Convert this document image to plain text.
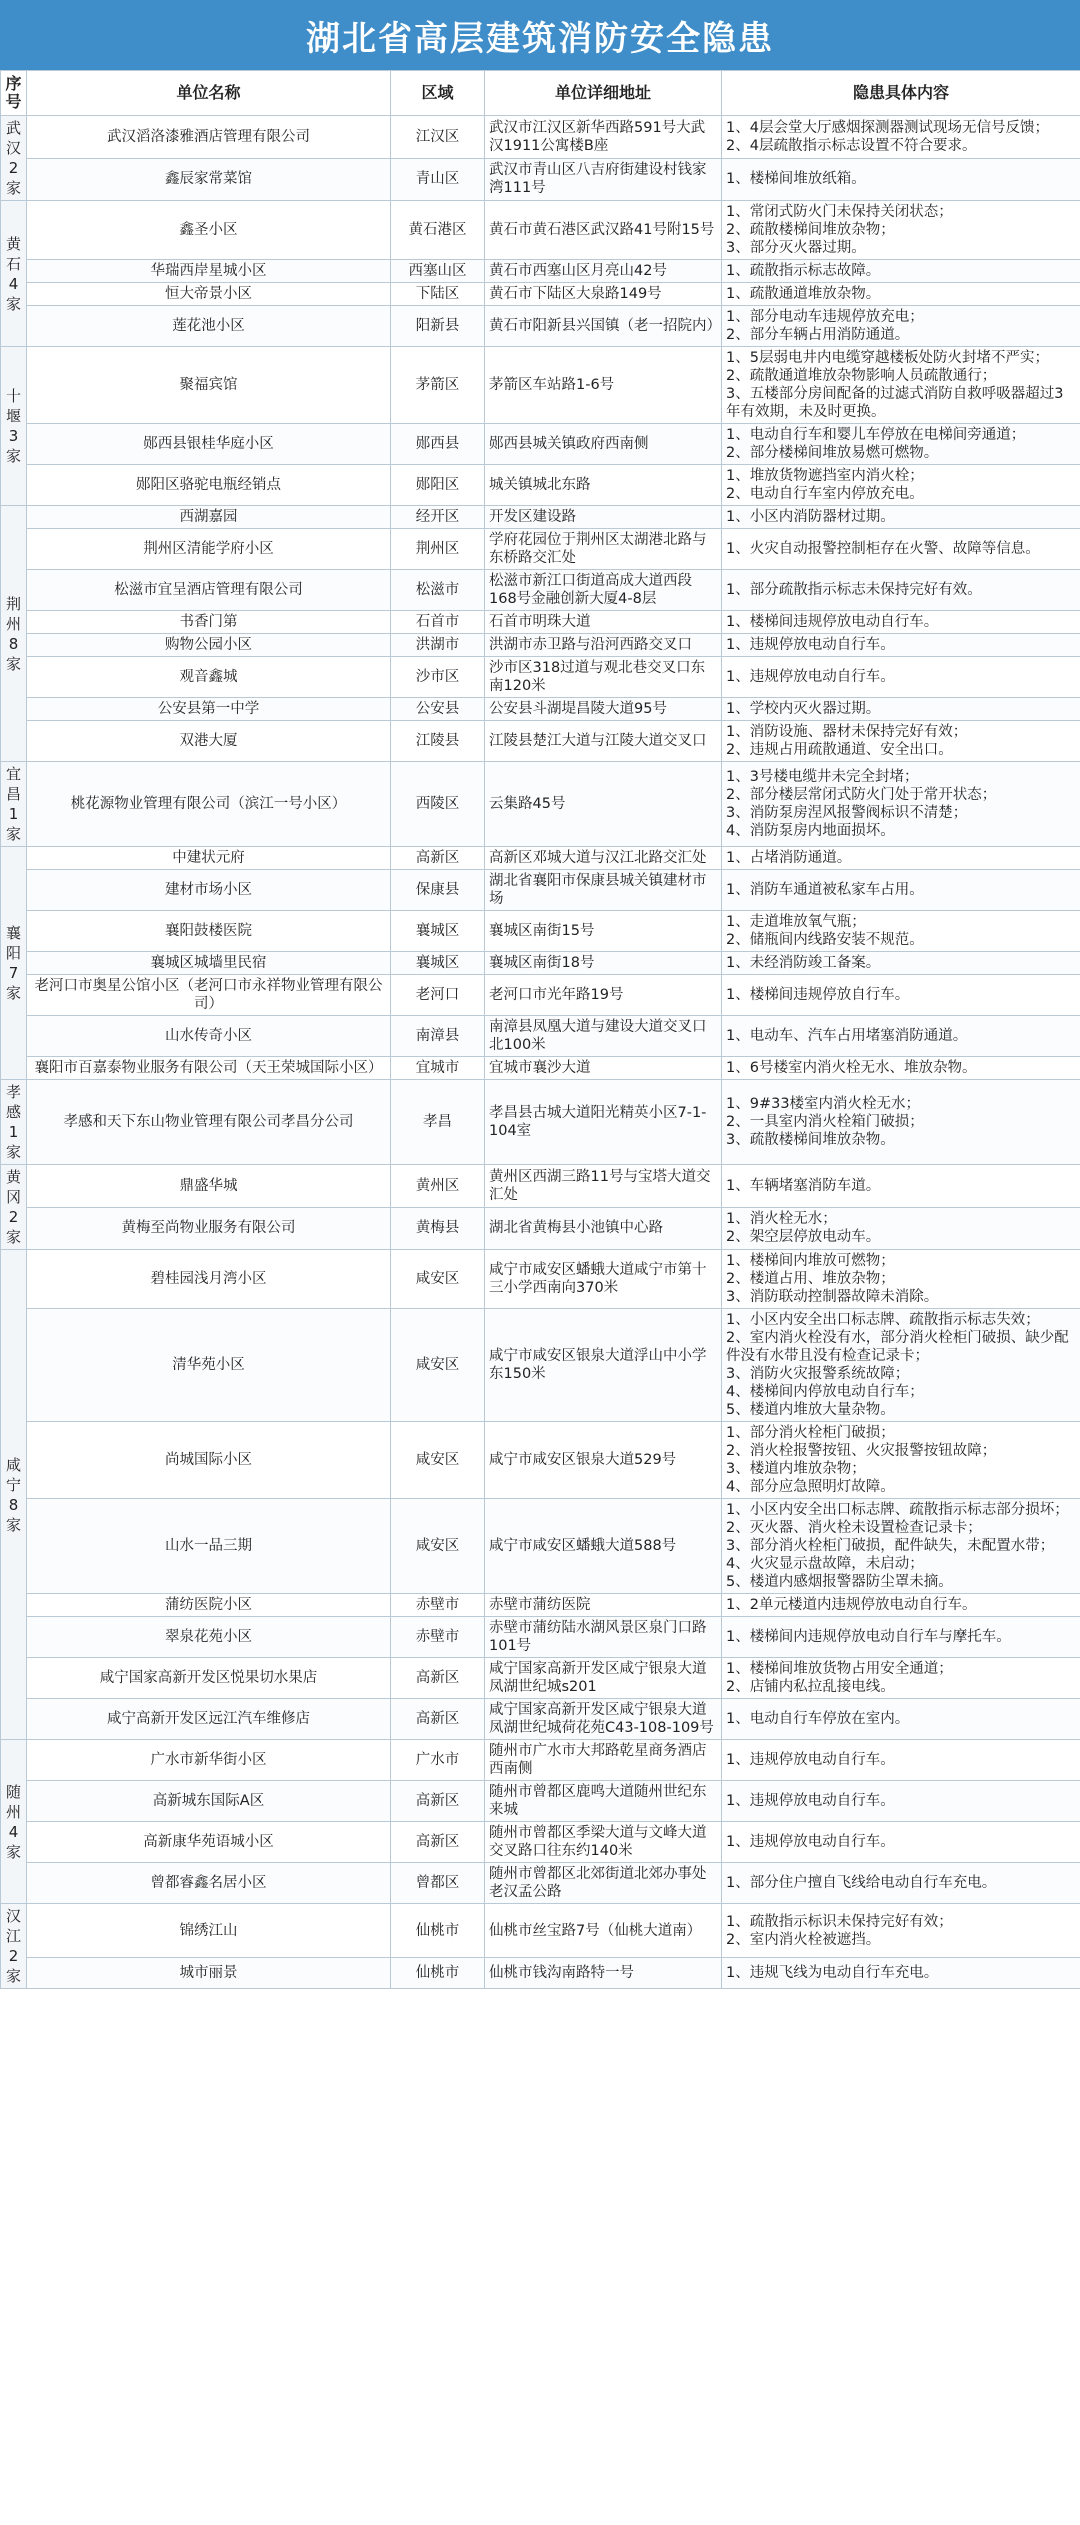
湖北省高层建筑消防安全隐患
序号	单位名称	区域	单位详细地址	隐患具体内容

武汉2家	武汉滔洛漆雅酒店管理有限公司	江汉区	武汉市江汉区新华西路591号大武汉1911公寓楼B座	1、4层会堂大厅感烟探测器测试现场无信号反馈；
2、4层疏散指示标志设置不符合要求。

	鑫辰家常菜馆	青山区	武汉市青山区八吉府街建设村钱家湾111号	1、楼梯间堆放纸箱。

黄石4家	鑫圣小区	黄石港区	黄石市黄石港区武汉路41号附15号	1、常闭式防火门未保持关闭状态；
2、疏散楼梯间堆放杂物；
3、部分灭火器过期。

	华瑞西岸星城小区	西塞山区	黄石市西塞山区月亮山42号	1、疏散指示标志故障。

	恒大帝景小区	下陆区	黄石市下陆区大泉路149号	1、疏散通道堆放杂物。

	莲花池小区	阳新县	黄石市阳新县兴国镇（老一招院内）	1、部分电动车违规停放充电；
2、部分车辆占用消防通道。

十堰3家	聚福宾馆	茅箭区	茅箭区车站路1-6号	1、5层弱电井内电缆穿越楼板处防火封堵不严实；
2、疏散通道堆放杂物影响人员疏散通行；
3、五楼部分房间配备的过滤式消防自救呼吸器超过3年有效期，未及时更换。

	郧西县银桂华庭小区	郧西县	郧西县城关镇政府西南侧	1、电动自行车和婴儿车停放在电梯间旁通道；
2、部分楼梯间堆放易燃可燃物。

	郧阳区骆驼电瓶经销点	郧阳区	城关镇城北东路	1、堆放货物遮挡室内消火栓；
2、电动自行车室内停放充电。

荆州8家	西湖嘉园	经开区	开发区建设路	1、小区内消防器材过期。

	荆州区清能学府小区	荆州区	学府花园位于荆州区太湖港北路与东桥路交汇处	1、火灾自动报警控制柜存在火警、故障等信息。

	松滋市宜呈酒店管理有限公司	松滋市	松滋市新江口街道高成大道西段168号金融创新大厦4-8层	1、部分疏散指示标志未保持完好有效。

	书香门第	石首市	石首市明珠大道	1、楼梯间违规停放电动自行车。

	购物公园小区	洪湖市	洪湖市赤卫路与沿河西路交叉口	1、违规停放电动自行车。

	观音鑫城	沙市区	沙市区318过道与观北巷交叉口东南120米	1、违规停放电动自行车。

	公安县第一中学	公安县	公安县斗湖堤昌陵大道95号	1、学校内灭火器过期。

	双港大厦	江陵县	江陵县楚江大道与江陵大道交叉口	1、消防设施、器材未保持完好有效；
2、违规占用疏散通道、安全出口。

宜昌1家	桃花源物业管理有限公司（滨江一号小区）	西陵区	云集路45号	1、3号楼电缆井未完全封堵；
2、部分楼层常闭式防火门处于常开状态；
3、消防泵房涅风报警阀标识不清楚；
4、消防泵房内地面损坏。

襄阳7家	中建状元府	高新区	高新区邓城大道与汉江北路交汇处	1、占堵消防通道。

	建材市场小区	保康县	湖北省襄阳市保康县城关镇建材市场	1、消防车通道被私家车占用。

	襄阳鼓楼医院	襄城区	襄城区南街15号	1、走道堆放氧气瓶；
2、储瓶间内线路安装不规范。

	襄城区城墙里民宿	襄城区	襄城区南街18号	1、未经消防竣工备案。

	老河口市奥星公馆小区（老河口市永祥物业管理有限公司）	老河口	老河口市光年路19号	1、楼梯间违规停放自行车。

	山水传奇小区	南漳县	南漳县凤凰大道与建设大道交叉口北100米	1、电动车、汽车占用堵塞消防通道。

	襄阳市百嘉泰物业服务有限公司（天王荣城国际小区）	宜城市	宜城市襄沙大道	1、6号楼室内消火栓无水、堆放杂物。

孝感1家	孝感和天下东山物业管理有限公司孝昌分公司	孝昌	孝昌县古城大道阳光精英小区7-1-104室	1、9#33楼室内消火栓无水；
2、一具室内消火栓箱门破损；
3、疏散楼梯间堆放杂物。

黄冈2家	鼎盛华城	黄州区	黄州区西湖三路11号与宝塔大道交汇处	1、车辆堵塞消防车道。

	黄梅至尚物业服务有限公司	黄梅县	湖北省黄梅县小池镇中心路	1、消火栓无水；
2、架空层停放电动车。

咸宁8家	碧桂园浅月湾小区	咸安区	咸宁市咸安区蟠蛾大道咸宁市第十三小学西南向370米	1、楼梯间内堆放可燃物；
2、楼道占用、堆放杂物；
3、消防联动控制器故障未消除。

	清华苑小区	咸安区	咸宁市咸安区银泉大道浮山中小学东150米	1、小区内安全出口标志牌、疏散指示标志失效；
2、室内消火栓没有水，部分消火栓柜门破损、缺少配件没有水带且没有检查记录卡；
3、消防火灾报警系统故障；
4、楼梯间内停放电动自行车；
5、楼道内堆放大量杂物。

	尚城国际小区	咸安区	咸宁市咸安区银泉大道529号	1、部分消火栓柜门破损；
2、消火栓报警按钮、火灾报警按钮故障；
3、楼道内堆放杂物；
4、部分应急照明灯故障。

	山水一品三期	咸安区	咸宁市咸安区蟠蛾大道588号	1、小区内安全出口标志牌、疏散指示标志部分损坏；
2、灭火器、消火栓未设置检查记录卡；
3、部分消火栓柜门破损，配件缺失，未配置水带；
4、火灾显示盘故障，未启动；
5、楼道内感烟报警器防尘罩未摘。

	蒲纺医院小区	赤壁市	赤壁市蒲纺医院	1、2单元楼道内违规停放电动自行车。

	翠泉花苑小区	赤壁市	赤壁市蒲纺陆水湖风景区泉门口路101号	1、楼梯间内违规停放电动自行车与摩托车。

	咸宁国家高新开发区悦果切水果店	高新区	咸宁国家高新开发区咸宁银泉大道凤湖世纪城s201	1、楼梯间堆放货物占用安全通道；
2、店铺内私拉乱接电线。

	咸宁高新开发区远江汽车维修店	高新区	咸宁国家高新开发区咸宁银泉大道凤湖世纪城荷花苑C43-108-109号	1、电动自行车停放在室内。

随州4家	广水市新华街小区	广水市	随州市广水市大邦路乾星商务酒店西南侧	1、违规停放电动自行车。

	高新城东国际A区	高新区	随州市曾都区鹿鸣大道随州世纪东来城	1、违规停放电动自行车。

	高新康华苑语城小区	高新区	随州市曾都区季梁大道与文峰大道交叉路口往东约140米	1、违规停放电动自行车。

	曾都睿鑫名居小区	曾都区	随州市曾都区北郊街道北郊办事处老汉孟公路	1、部分住户擅自飞线给电动自行车充电。

汉江2家	锦绣江山	仙桃市	仙桃市丝宝路7号（仙桃大道南）	1、疏散指示标识未保持完好有效；
2、室内消火栓被遮挡。

	城市丽景	仙桃市	仙桃市钱沟南路特一号	1、违规飞线为电动自行车充电。
